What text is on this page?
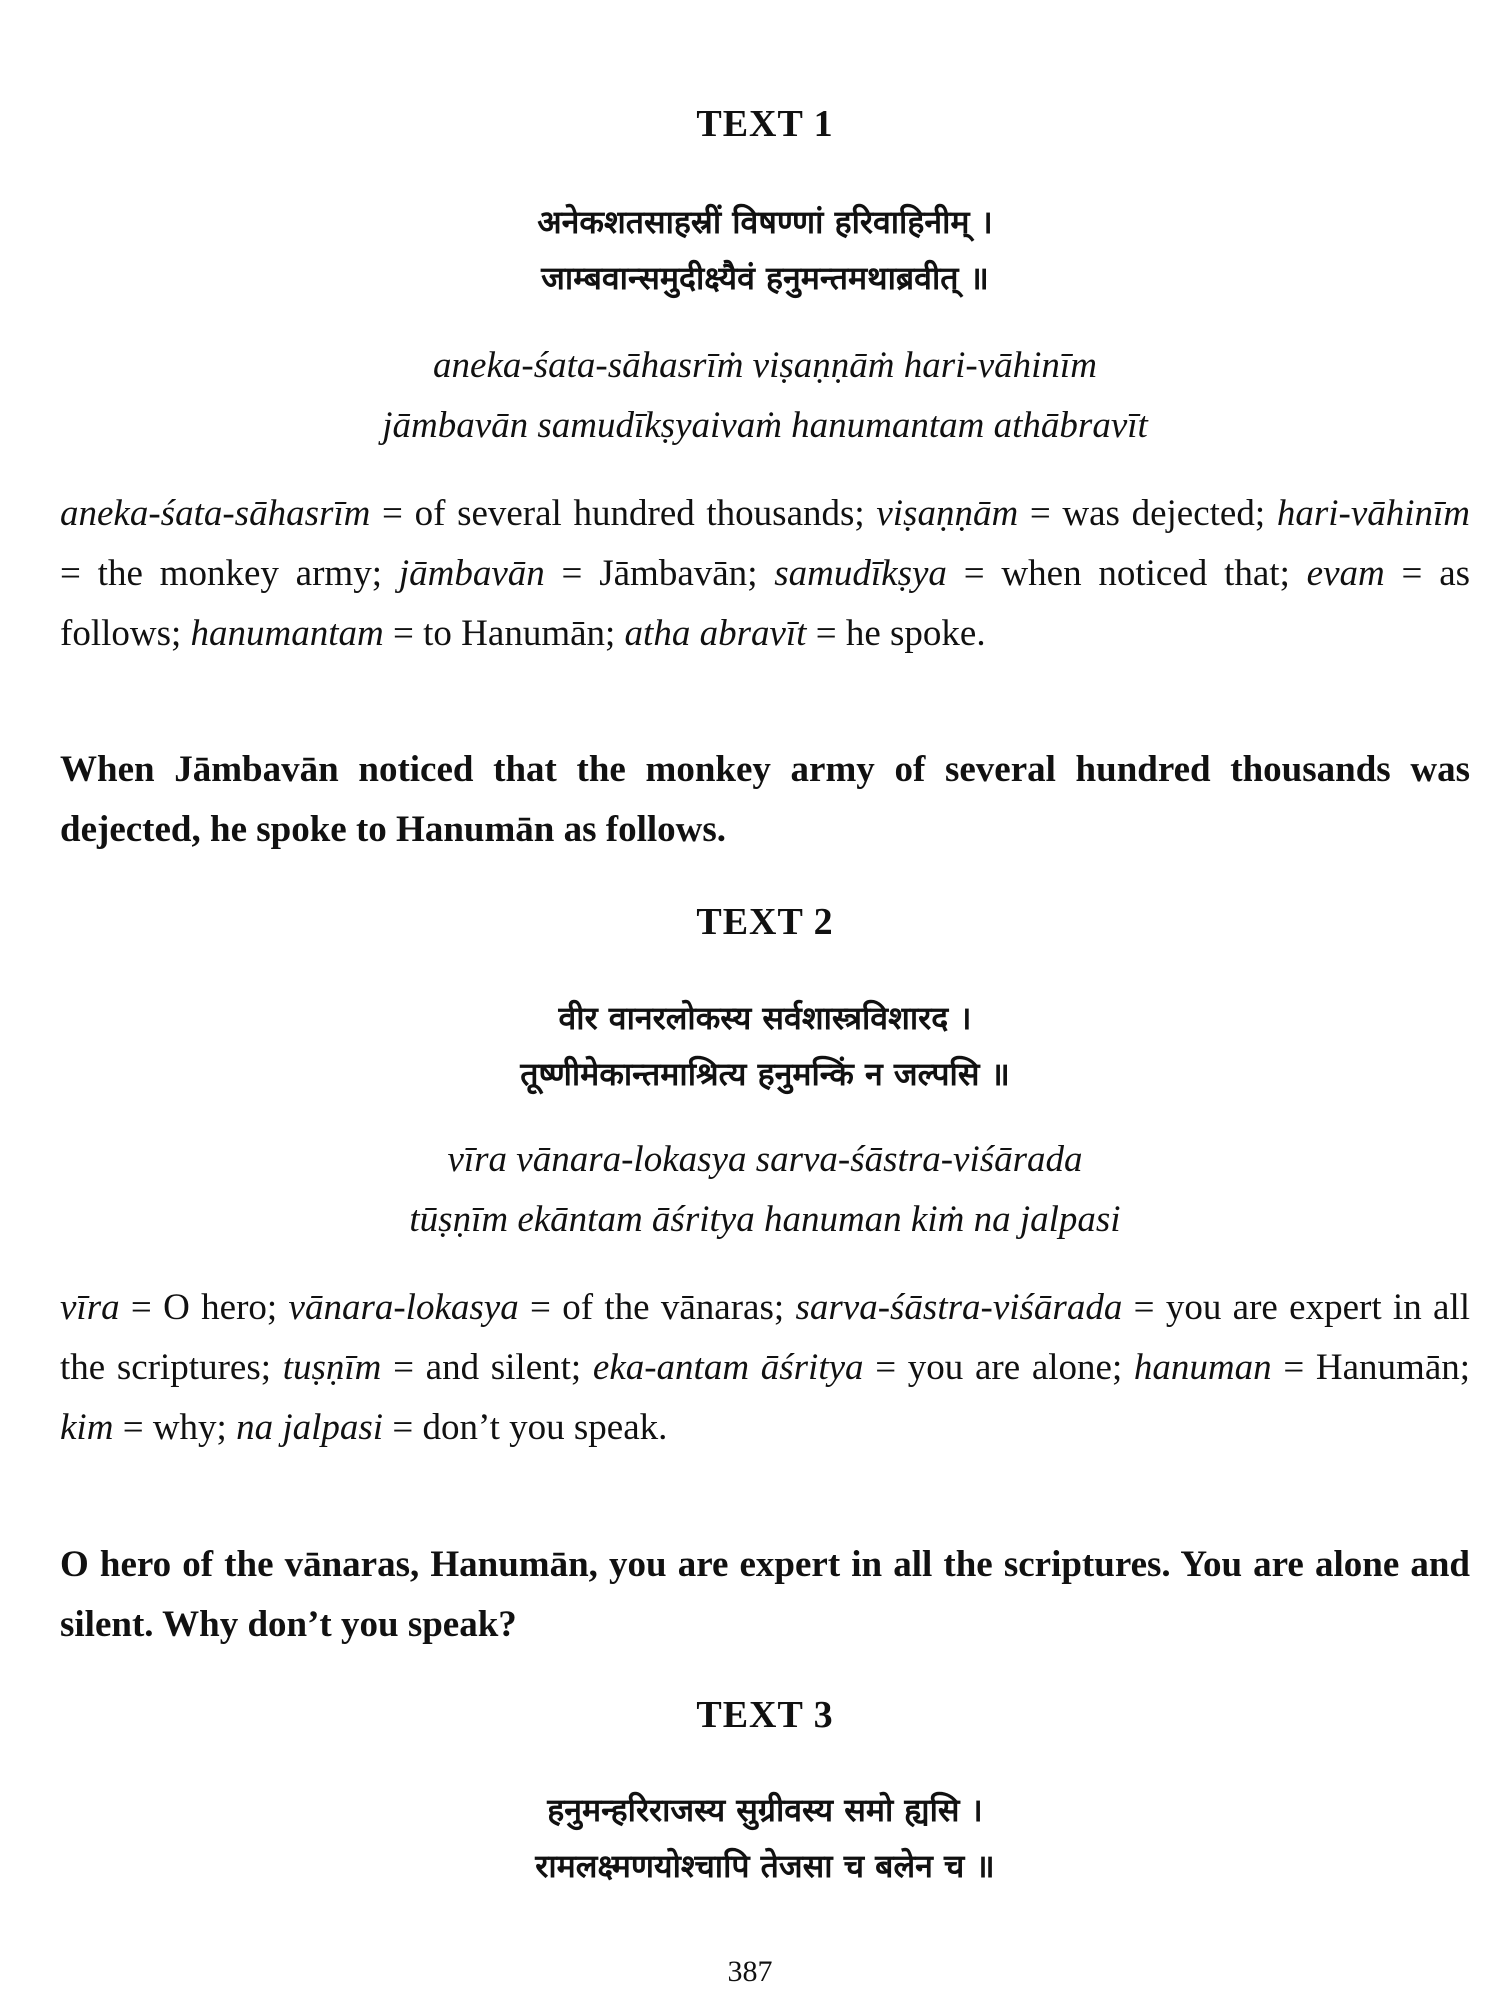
TEXT 1
अनेकशतसाहस्रीं विषण्णां हरिवाहिनीम् ।
जाम्बवान्समुदीक्ष्यैवं हनुमन्तमथाब्रवीत् ॥
aneka-śata-sāhasrīṁ viṣaṇṇāṁ hari-vāhinīm
jāmbavān samudīkṣyaivaṁ hanumantam athābravīt
aneka-śata-sāhasrīm = of several hundred thousands; viṣaṇṇām = was dejected; hari-vāhinīm = the monkey army; jāmbavān = Jāmbavān; samudīkṣya = when noticed that; evam = as follows; hanumantam = to Hanumān; atha abravīt = he spoke.
When Jāmbavān noticed that the monkey army of several hundred thousands was dejected, he spoke to Hanumān as follows.
TEXT 2
वीर वानरलोकस्य सर्वशास्त्रविशारद ।
तूष्णीमेकान्तमाश्रित्य हनुमन्किं न जल्पसि ॥
vīra vānara-lokasya sarva-śāstra-viśārada
tūṣṇīm ekāntam āśritya hanuman kiṁ na jalpasi
vīra = O hero; vānara-lokasya = of the vānaras; sarva-śāstra-viśārada = you are expert in all the scriptures; tuṣṇīm = and silent; eka-antam āśritya = you are alone; hanuman = Hanumān; kim = why; na jalpasi = don’t you speak.
O hero of the vānaras, Hanumān, you are expert in all the scriptures. You are alone and silent. Why don’t you speak?
TEXT 3
हनुमन्हरिराजस्य सुग्रीवस्य समो ह्यसि ।
रामलक्ष्मणयोश्चापि तेजसा च बलेन च ॥
387
